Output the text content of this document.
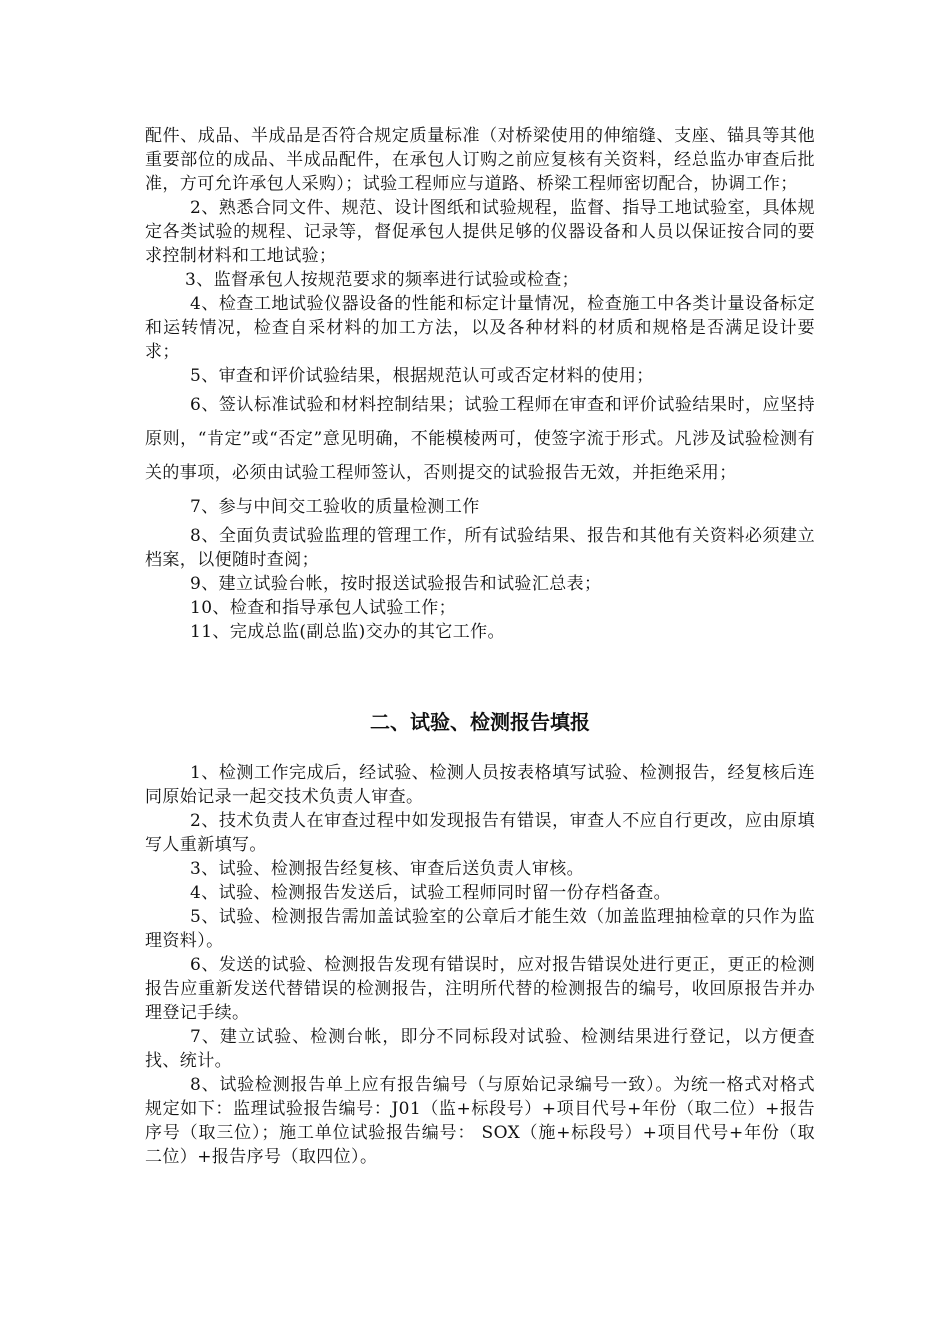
配件、成品、半成品是否符合规定质量标准（对桥梁使用的伸缩缝、支座、锚具等其他重要部位的成品、半成品配件，在承包人订购之前应复核有关资料，经总监办审查后批准，方可允许承包人采购）；试验工程师应与道路、桥梁工程师密切配合，协调工作；

2、熟悉合同文件、规范、设计图纸和试验规程，监督、指导工地试验室，具体规定各类试验的规程、记录等，督促承包人提供足够的仪器设备和人员以保证按合同的要求控制材料和工地试验；

3、监督承包人按规范要求的频率进行试验或检查；

4、检查工地试验仪器设备的性能和标定计量情况，检查施工中各类计量设备标定和运转情况，检查自采材料的加工方法，以及各种材料的材质和规格是否满足设计要求；

5、审查和评价试验结果，根据规范认可或否定材料的使用；

6、签认标准试验和材料控制结果；试验工程师在审查和评价试验结果时，应坚持原则，“肯定”或“否定”意见明确，不能模棱两可，使签字流于形式。凡涉及试验检测有关的事项，必须由试验工程师签认，否则提交的试验报告无效，并拒绝采用；

7、参与中间交工验收的质量检测工作

8、全面负责试验监理的管理工作，所有试验结果、报告和其他有关资料必须建立档案，以便随时查阅；

9、建立试验台帐，按时报送试验报告和试验汇总表；

10、检查和指导承包人试验工作；

11、完成总监(副总监)交办的其它工作。

二、试验、检测报告填报

1、检测工作完成后，经试验、检测人员按表格填写试验、检测报告，经复核后连同原始记录一起交技术负责人审查。

2、技术负责人在审查过程中如发现报告有错误，审查人不应自行更改，应由原填写人重新填写。

3、试验、检测报告经复核、审查后送负责人审核。

4、试验、检测报告发送后，试验工程师同时留一份存档备查。

5、试验、检测报告需加盖试验室的公章后才能生效（加盖监理抽检章的只作为监理资料）。

6、发送的试验、检测报告发现有错误时，应对报告错误处进行更正，更正的检测报告应重新发送代替错误的检测报告，注明所代替的检测报告的编号，收回原报告并办理登记手续。

7、建立试验、检测台帐，即分不同标段对试验、检测结果进行登记，以方便查找、统计。

8、试验检测报告单上应有报告编号（与原始记录编号一致）。为统一格式对格式规定如下：监理试验报告编号：J01（监+标段号）+项目代号+年份（取二位）+报告序号（取三位）；施工单位试验报告编号： SOX（施+标段号）+项目代号+年份（取二位）+报告序号（取四位）。
